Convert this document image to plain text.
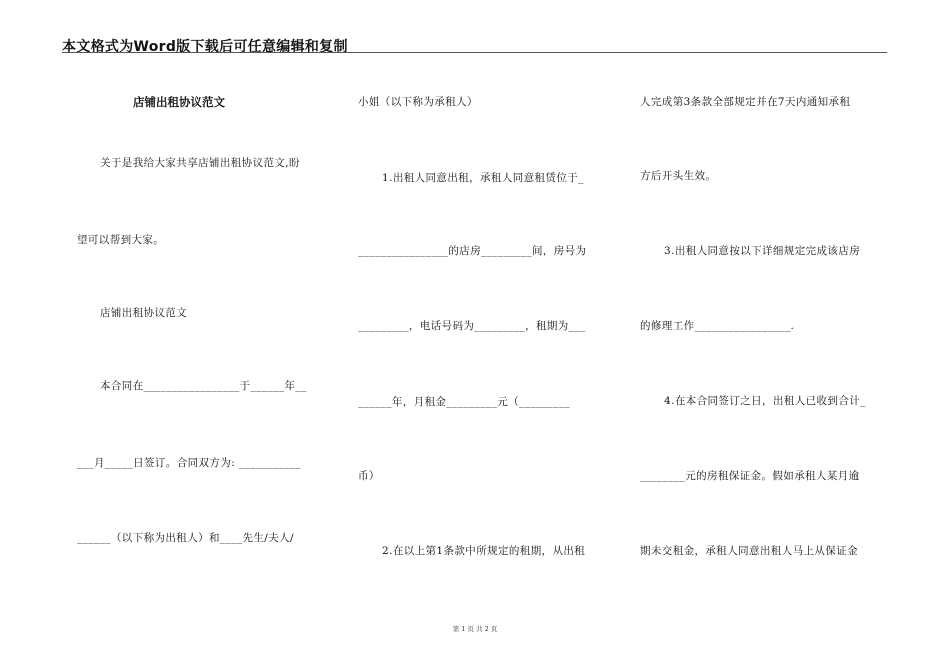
本文格式为Word版下载后可任意编辑和复制
店铺出租协议范文
关于是我给大家共享店铺出租协议范文,盼
望可以帮到大家。
店铺出租协议范文
本合同在_________________于______年__
___月_____日签订。合同双方为: ___________
______（以下称为出租人）和____先生/夫人/
小姐（以下称为承租人）
1.出租人同意出租，承租人同意租赁位于_
________________的店房_________间，房号为
_________，电话号码为_________，租期为___
______年，月租金_________元（_________
币）
2.在以上第1条款中所规定的租期，从出租
人完成第3条款全部规定并在7天内通知承租
方后开头生效。
3.出租人同意按以下详细规定完成该店房
的修理工作_________________.
4.在本合同签订之日，出租人已收到合计_
________元的房租保证金。假如承租人某月逾
期未交租金，承租人同意出租人马上从保证金
第 1 页 共 2 页
